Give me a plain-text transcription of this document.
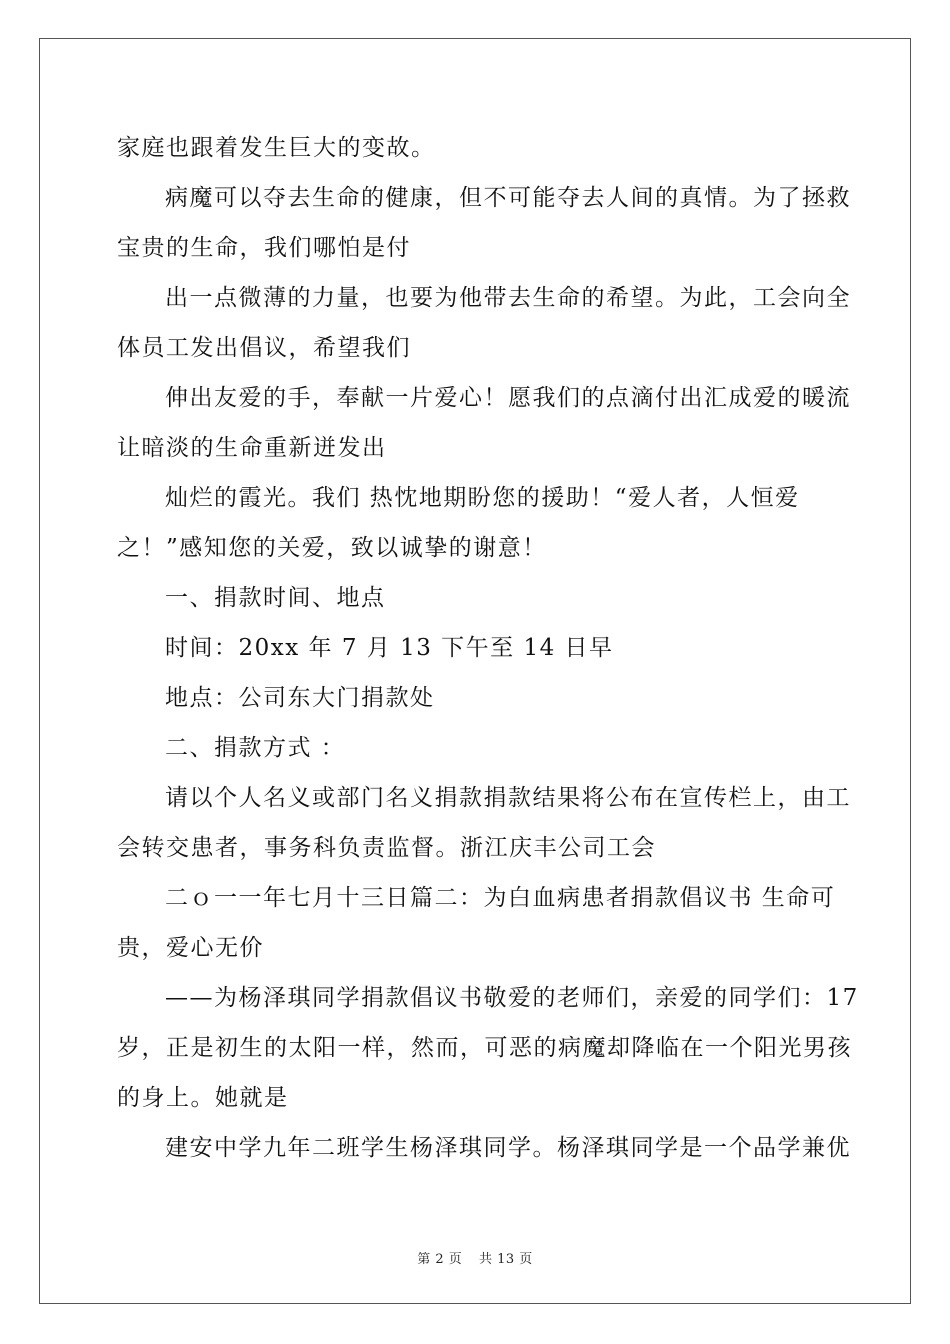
家庭也跟着发生巨大的变故。
病魔可以夺去生命的健康，但不可能夺去人间的真情。为了拯救
宝贵的生命，我们哪怕是付
出一点微薄的力量，也要为他带去生命的希望。为此，工会向全
体员工发出倡议，希望我们
伸出友爱的手，奉献一片爱心！愿我们的点滴付出汇成爱的暖流
让暗淡的生命重新迸发出
灿烂的霞光。我们 热忱地期盼您的援助！“爱人者，人恒爱
之！”感知您的关爱，致以诚挚的谢意！
一、捐款时间、地点
时间：20xx 年 7 月 13 下午至 14 日早
地点：公司东大门捐款处
二、捐款方式 ：
请以个人名义或部门名义捐款捐款结果将公布在宣传栏上，由工
会转交患者，事务科负责监督。浙江庆丰公司工会
二ｏ一一年七月十三日篇二：为白血病患者捐款倡议书 生命可
贵，爱心无价
——为杨泽琪同学捐款倡议书敬爱的老师们，亲爱的同学们：17
岁，正是初生的太阳一样，然而，可恶的病魔却降临在一个阳光男孩
的身上。她就是
建安中学九年二班学生杨泽琪同学。杨泽琪同学是一个品学兼优
第 2 页 共 13 页
